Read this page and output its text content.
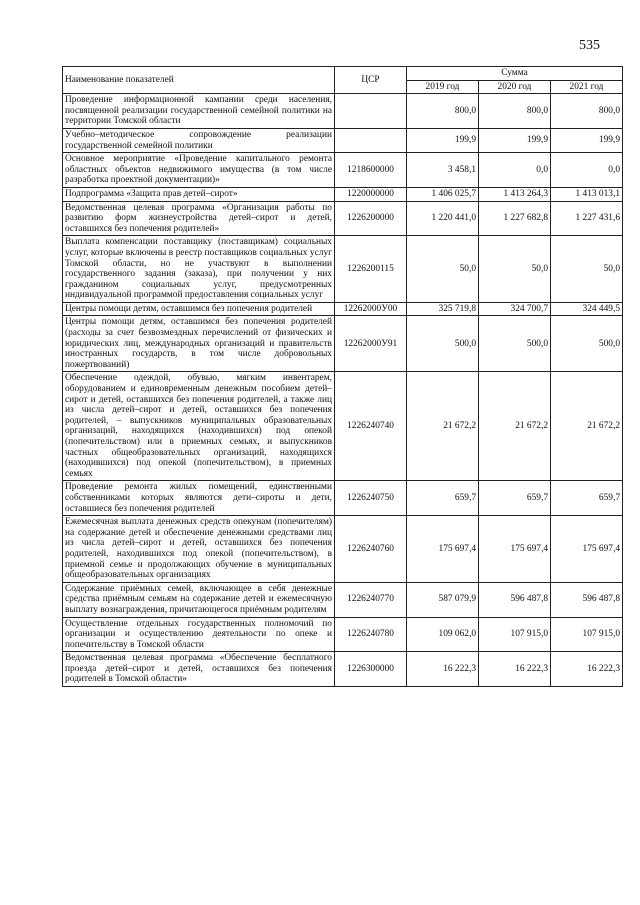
535
Наименование показателей	ЦСР	Сумма		
		2019 год	2020 год	2021 год
Проведение информационной кампании среди населения, посвященной реализации государственной семейной политики на территории Томской области		800,0	800,0	800,0
Учебно–методическое сопровождение реализации государственной семейной политики		199,9	199,9	199,9
Основное мероприятие «Проведение капитального ремонта областных объектов недвижимого имущества (в том числе разработка проектной документации)»	1218600000	3 458,1	0,0	0,0
Подпрограмма «Защита прав детей–сирот»	1220000000	1 406 025,7	1 413 264,3	1 413 013,1
Ведомственная целевая программа «Организация работы по развитию форм жизнеустройства детей–сирот и детей, оставшихся без попечения родителей»	1226200000	1 220 441,0	1 227 682,8	1 227 431,6
Выплата компенсации поставщику (поставщикам) социальных услуг, которые включены в реестр поставщиков социальных услуг Томской области, но не участвуют в выполнении государственного задания (заказа), при получении у них гражданином социальных услуг, предусмотренных индивидуальной программой предоставления социальных услуг	1226200115	50,0	50,0	50,0
Центры помощи детям, оставшимся без попечения родителей	12262000У00	325 719,8	324 700,7	324 449,5
Центры помощи детям, оставшимся без попечения родителей (расходы за счет безвозмездных перечислений от физических и юридических лиц, международных организаций и правительств иностранных государств, в том числе добровольных пожертвований)	12262000У91	500,0	500,0	500,0
Обеспечение одеждой, обувью, мягким инвентарем, оборудованием и единовременным денежным пособием детей–сирот и детей, оставшихся без попечения родителей, а также лиц из числа детей–сирот и детей, оставшихся без попечения родителей, – выпускников муниципальных образовательных организаций, находящихся (находившихся) под опекой (попечительством) или в приемных семьях, и выпускников частных общеобразовательных организаций, находящихся (находившихся) под опекой (попечительством), в приемных семьях	1226240740	21 672,2	21 672,2	21 672,2
Проведение ремонта жилых помещений, единственными собственниками которых являются дети–сироты и дети, оставшиеся без попечения родителей	1226240750	659,7	659,7	659,7
Ежемесячная выплата денежных средств опекунам (попечителям) на содержание детей и обеспечение денежными средствами лиц из числа детей–сирот и детей, оставшихся без попечения родителей, находившихся под опекой (попечительством), в приемной семье и продолжающих обучение в муниципальных общеобразовательных организациях	1226240760	175 697,4	175 697,4	175 697,4
Содержание приёмных семей, включающее в себя денежные средства приёмным семьям на содержание детей и ежемесячную выплату вознаграждения, причитающегося приёмным родителям	1226240770	587 079,9	596 487,8	596 487,8
Осуществление отдельных государственных полномочий по организации и осуществлению деятельности по опеке и попечительству в Томской области	1226240780	109 062,0	107 915,0	107 915,0
Ведомственная целевая программа «Обеспечение бесплатного проезда детей–сирот и детей, оставшихся без попечения родителей в Томской области»	1226300000	16 222,3	16 222,3	16 222,3
